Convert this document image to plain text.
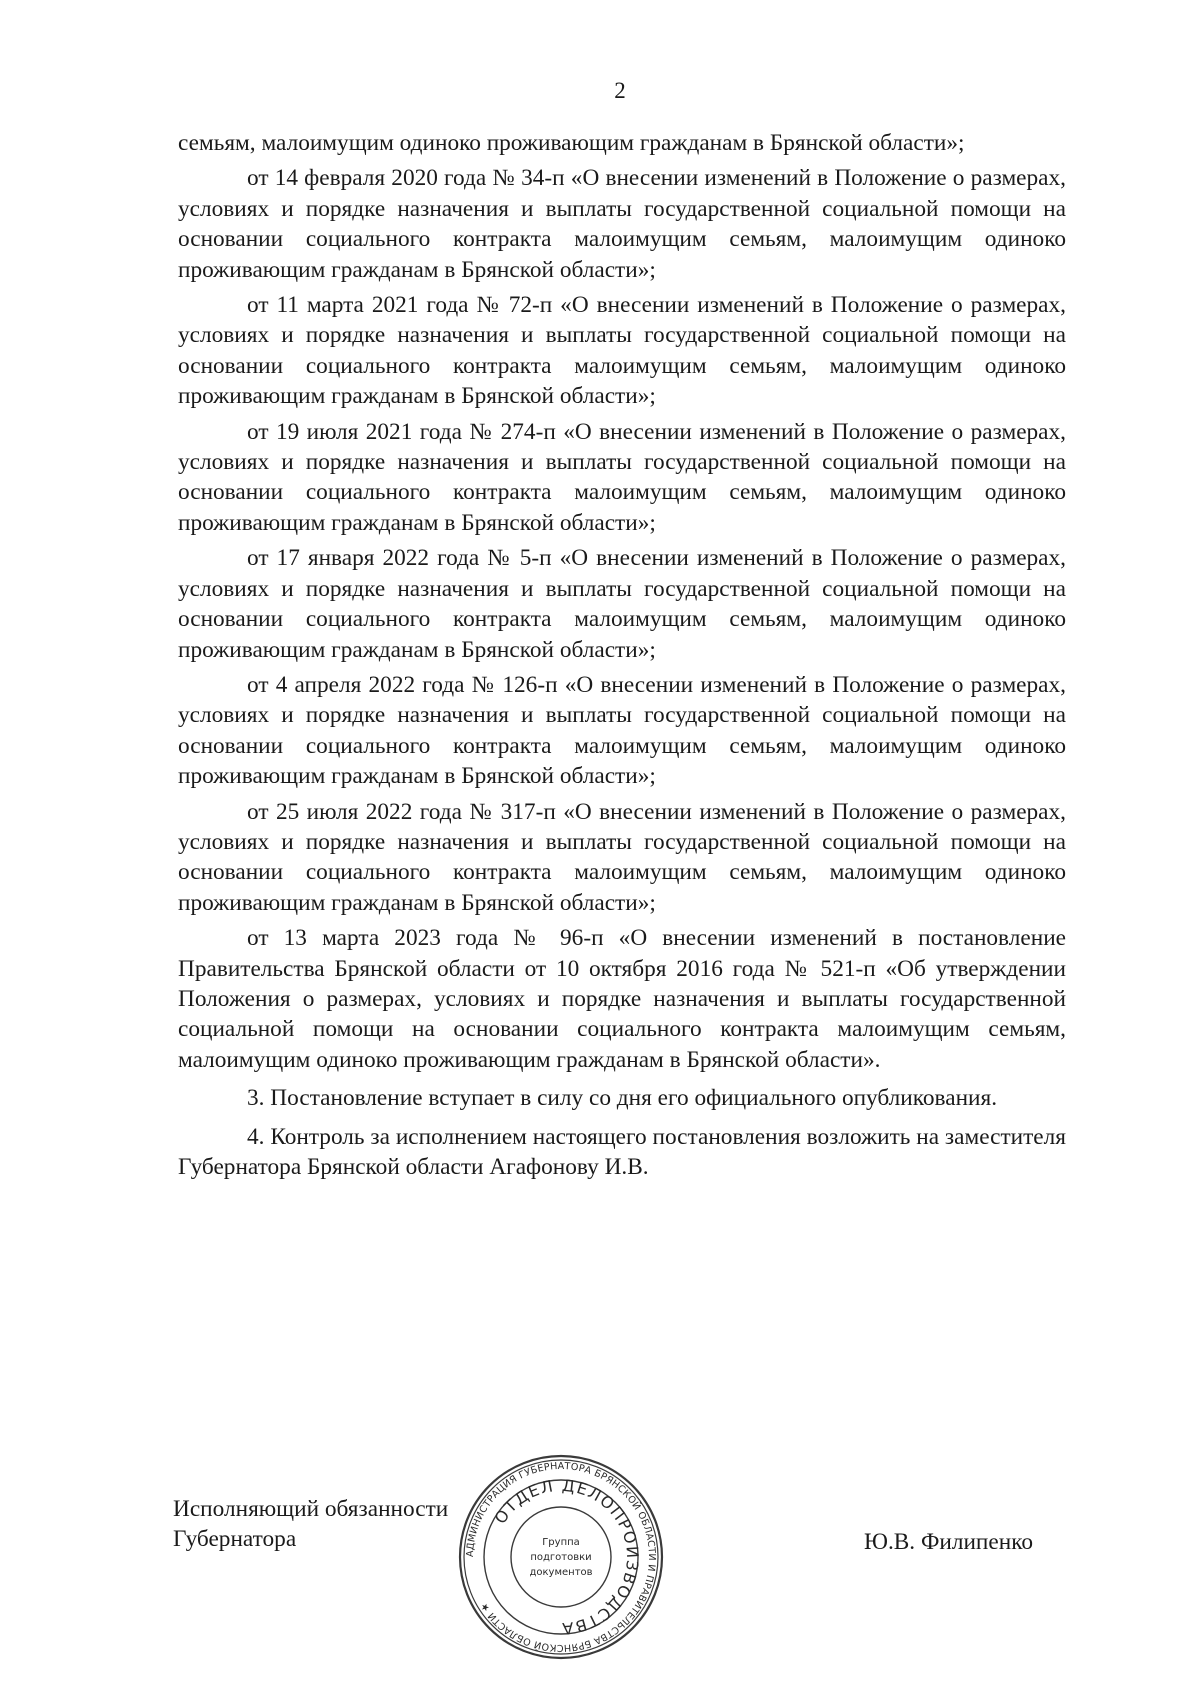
2

семьям, малоимущим одиноко проживающим гражданам в Брянской области»;

от 14 февраля 2020 года № 34-п «О внесении изменений в Положение о размерах, условиях и порядке назначения и выплаты государственной социальной помощи на основании социального контракта малоимущим семьям, малоимущим одиноко проживающим гражданам в Брянской области»;

от 11 марта 2021 года № 72-п «О внесении изменений в Положение о размерах, условиях и порядке назначения и выплаты государственной социальной помощи на основании социального контракта малоимущим семьям, малоимущим одиноко проживающим гражданам в Брянской области»;

от 19 июля 2021 года № 274-п «О внесении изменений в Положение о размерах, условиях и порядке назначения и выплаты государственной социальной помощи на основании социального контракта малоимущим семьям, малоимущим одиноко проживающим гражданам в Брянской области»;

от 17 января 2022 года № 5-п «О внесении изменений в Положение о размерах, условиях и порядке назначения и выплаты государственной социальной помощи на основании социального контракта малоимущим семьям, малоимущим одиноко проживающим гражданам в Брянской области»;

от 4 апреля 2022 года № 126-п «О внесении изменений в Положение о размерах, условиях и порядке назначения и выплаты государственной социальной помощи на основании социального контракта малоимущим семьям, малоимущим одиноко проживающим гражданам в Брянской области»;

от 25 июля 2022 года № 317-п «О внесении изменений в Положение о размерах, условиях и порядке назначения и выплаты государственной социальной помощи на основании социального контракта малоимущим семьям, малоимущим одиноко проживающим гражданам в Брянской области»;

от 13 марта 2023 года № 96-п «О внесении изменений в постановление Правительства Брянской области от 10 октября 2016 года № 521-п «Об утверждении Положения о размерах, условиях и порядке назначения и выплаты государственной социальной помощи на основании социального контракта малоимущим семьям, малоимущим одиноко проживающим гражданам в Брянской области».

3. Постановление вступает в силу со дня его официального опубликования.

4. Контроль за исполнением настоящего постановления возложить на заместителя Губернатора Брянской области Агафонову И.В.

Исполняющий обязанности
Губернатора
АДМИНИСТРАЦИЯ ГУБЕРНАТОРА БРЯНСКОЙ ОБЛАСТИ И ПРАВИТЕЛЬСТВА БРЯНСКОЙ ОБЛАСТИ ★
ОТДЕЛ ДЕЛОПРОИЗВОДСТВА
Группа
подготовки
документов
Ю.В. Филипенко
